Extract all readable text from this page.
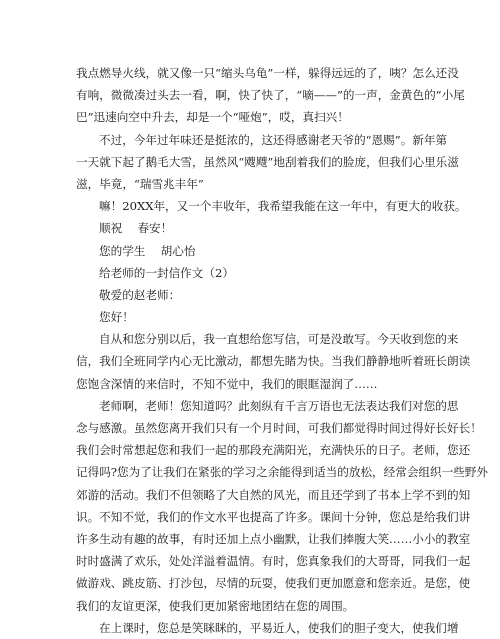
我点燃导火线，就又像一只“缩头乌龟”一样，躲得远远的了，咦？怎么还没

有响，微微凑过头去一看，啊，快了快了，“嘀——”的一声，金黄色的“小尾

巴”迅速向空中升去，却是一个“哑炮”，哎，真扫兴！

不过，今年过年味还是挺浓的，这还得感谢老天爷的“恩赐”。新年第

一天就下起了鹅毛大雪，虽然风“飕飕”地刮着我们的脸庞，但我们心里乐滋

滋，毕竟，“瑞雪兆丰年”

嘛！20XX年，又一个丰收年，我希望我能在这一年中，有更大的收获。

顺祝　 春安！

您的学生　 胡心怡

给老师的一封信作文（2）

敬爱的赵老师：

您好！

自从和您分别以后，我一直想给您写信，可是没敢写。今天收到您的来

信，我们全班同学内心无比激动，都想先睹为快。当我们静静地听着班长朗读

您饱含深情的来信时，不知不觉中，我们的眼眶湿润了……

老师啊，老师！您知道吗？此刻纵有千言万语也无法表达我们对您的思

念与感激。虽然您离开我们只有一个月时间，可我们都觉得时间过得好长好长！

我们会时常想起您和我们一起的那段充满阳光，充满快乐的日子。老师，您还

记得吗?您为了让我们在紧张的学习之余能得到适当的放松，经常会组织一些野外

郊游的活动。我们不但领略了大自然的风光，而且还学到了书本上学不到的知

识。不知不觉，我们的作文水平也提高了许多。课间十分钟，您总是给我们讲

许多生动有趣的故事，有时还加上点小幽默，让我们捧腹大笑……小小的教室

时时盛满了欢乐，处处洋溢着温情。有时，您真象我们的大哥哥，同我们一起

做游戏、跳皮筋、打沙包，尽情的玩耍，使我们更加愿意和您亲近。是您，使

我们的友谊更深，使我们更加紧密地团结在您的周围。

在上课时，您总是笑眯眯的，平易近人，使我们的胆子变大，使我们增
